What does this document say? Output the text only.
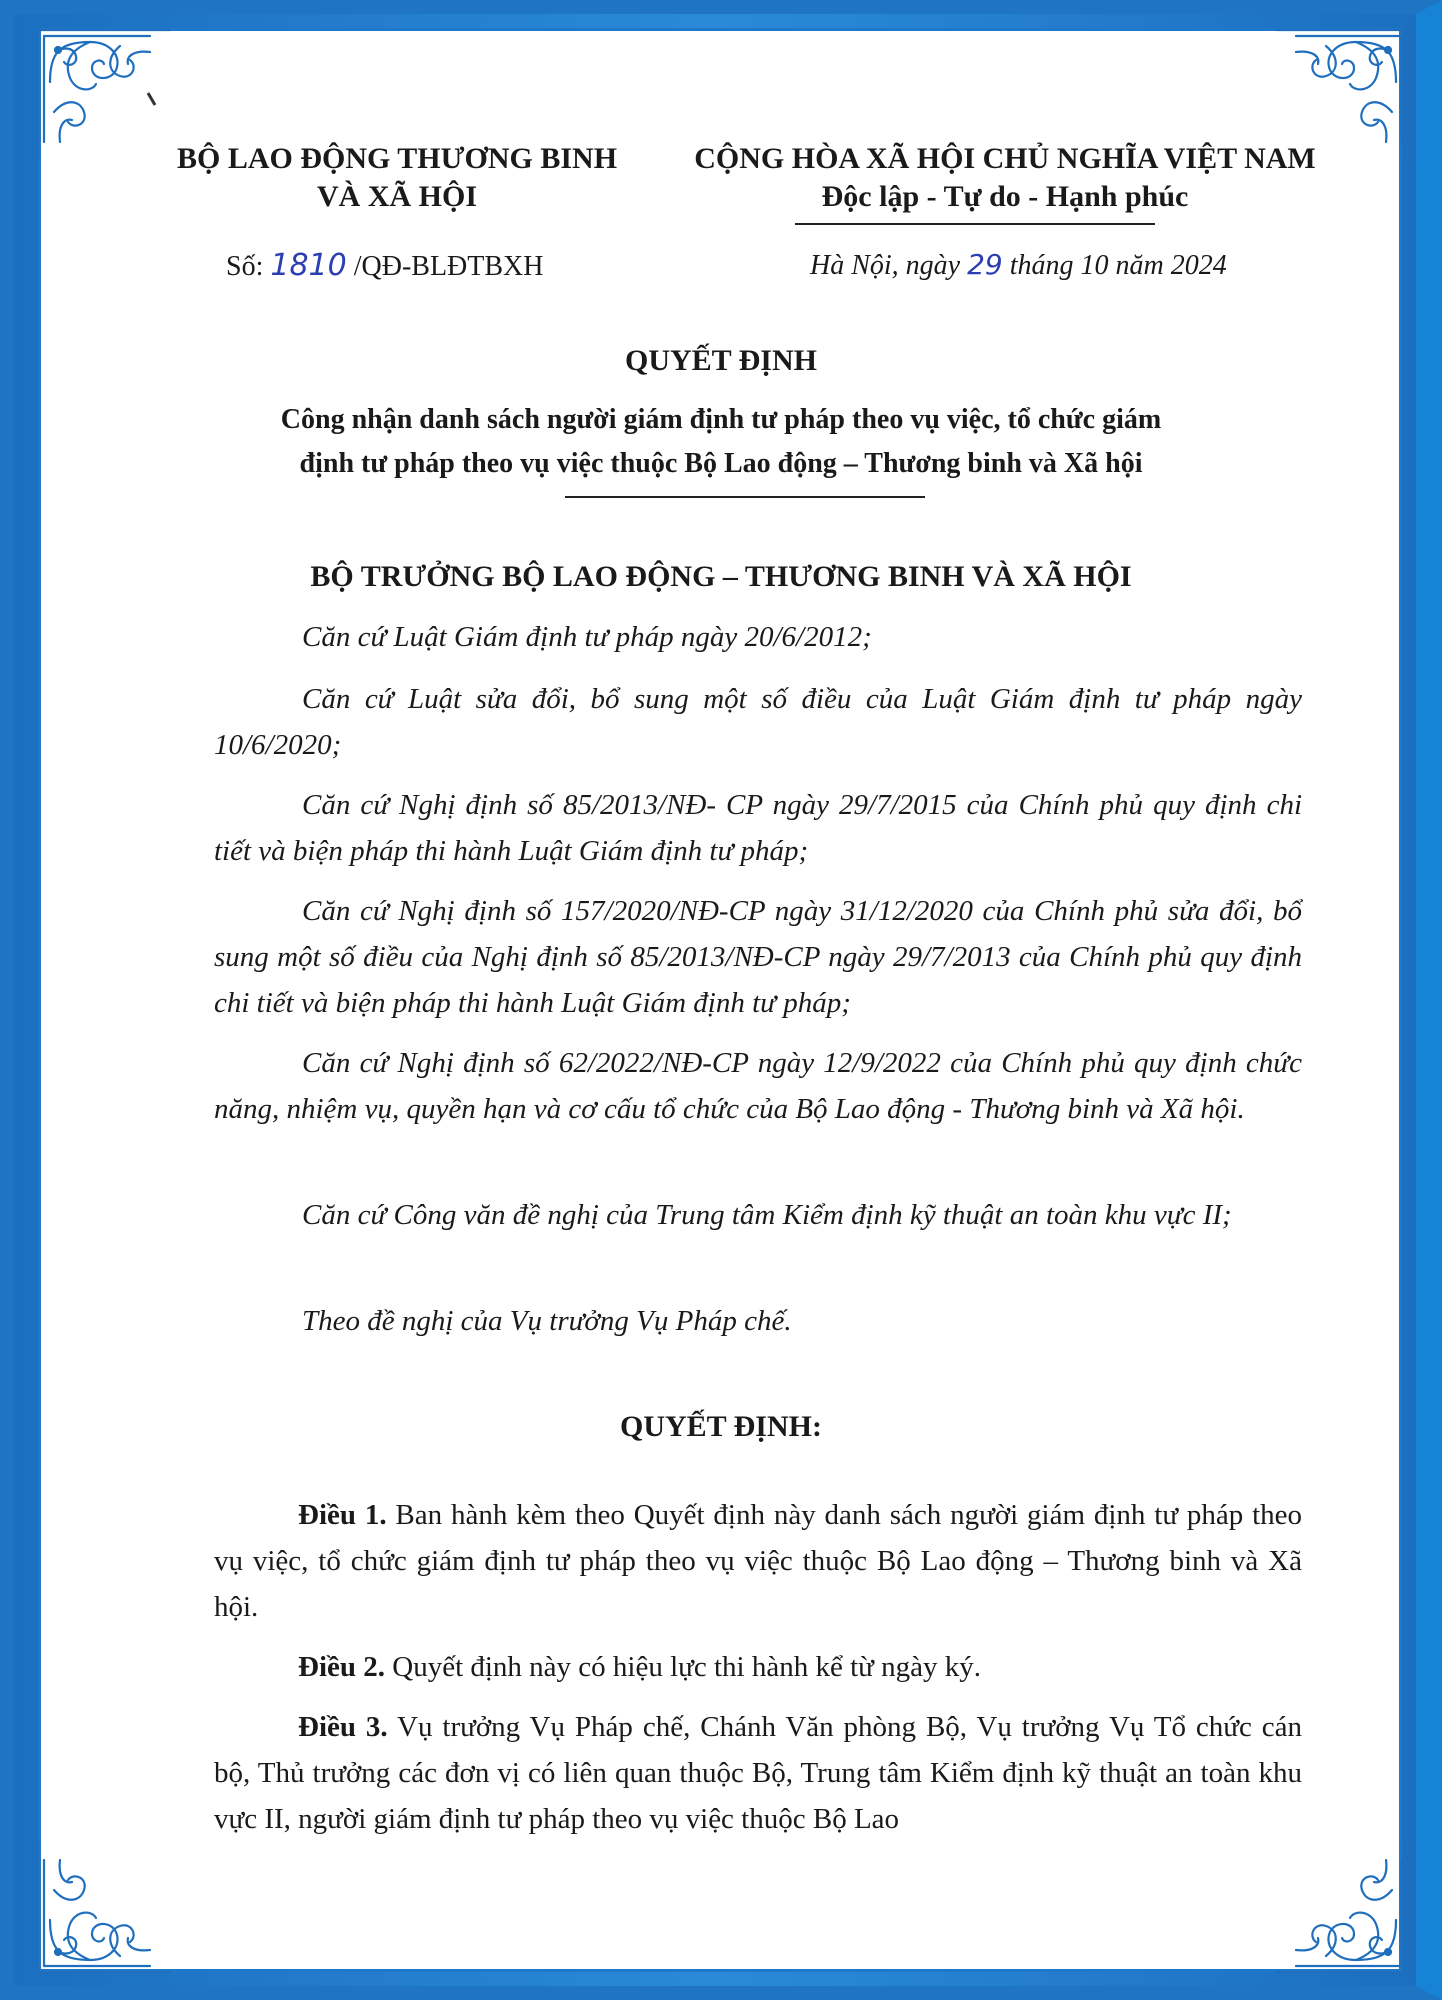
BỘ LAO ĐỘNG THƯƠNG BINH
VÀ XÃ HỘI
CỘNG HÒA XÃ HỘI CHỦ NGHĨA VIỆT NAM
Độc lập - Tự do - Hạnh phúc
Số: 1810 /QĐ-BLĐTBXH	Hà Nội, ngày 29 tháng 10 năm 2024
QUYẾT ĐỊNH
Công nhận danh sách người giám định tư pháp theo vụ việc, tổ chức giám
định tư pháp theo vụ việc thuộc Bộ Lao động – Thương binh và Xã hội
BỘ TRƯỞNG BỘ LAO ĐỘNG – THƯƠNG BINH VÀ XÃ HỘI
Căn cứ Luật Giám định tư pháp ngày 20/6/2012;
Căn cứ Luật sửa đổi, bổ sung một số điều của Luật Giám định tư pháp ngày 10/6/2020;
Căn cứ Nghị định số 85/2013/NĐ- CP ngày 29/7/2015 của Chính phủ quy định chi tiết và biện pháp thi hành Luật Giám định tư pháp;
Căn cứ Nghị định số 157/2020/NĐ-CP ngày 31/12/2020 của Chính phủ sửa đổi, bổ sung một số điều của Nghị định số 85/2013/NĐ-CP ngày 29/7/2013 của Chính phủ quy định chi tiết và biện pháp thi hành Luật Giám định tư pháp;
Căn cứ Nghị định số 62/2022/NĐ-CP ngày 12/9/2022 của Chính phủ quy định chức năng, nhiệm vụ, quyền hạn và cơ cấu tổ chức của Bộ Lao động - Thương binh và Xã hội.
Căn cứ Công văn đề nghị của Trung tâm Kiểm định kỹ thuật an toàn khu vực II;
Theo đề nghị của Vụ trưởng Vụ Pháp chế.
QUYẾT ĐỊNH:
Điều 1. Ban hành kèm theo Quyết định này danh sách người giám định tư pháp theo vụ việc, tổ chức giám định tư pháp theo vụ việc thuộc Bộ Lao động – Thương binh và Xã hội.
Điều 2. Quyết định này có hiệu lực thi hành kể từ ngày ký.
Điều 3. Vụ trưởng Vụ Pháp chế, Chánh Văn phòng Bộ, Vụ trưởng Vụ Tổ chức cán bộ, Thủ trưởng các đơn vị có liên quan thuộc Bộ, Trung tâm Kiểm định kỹ thuật an toàn khu vực II, người giám định tư pháp theo vụ việc thuộc Bộ Lao
